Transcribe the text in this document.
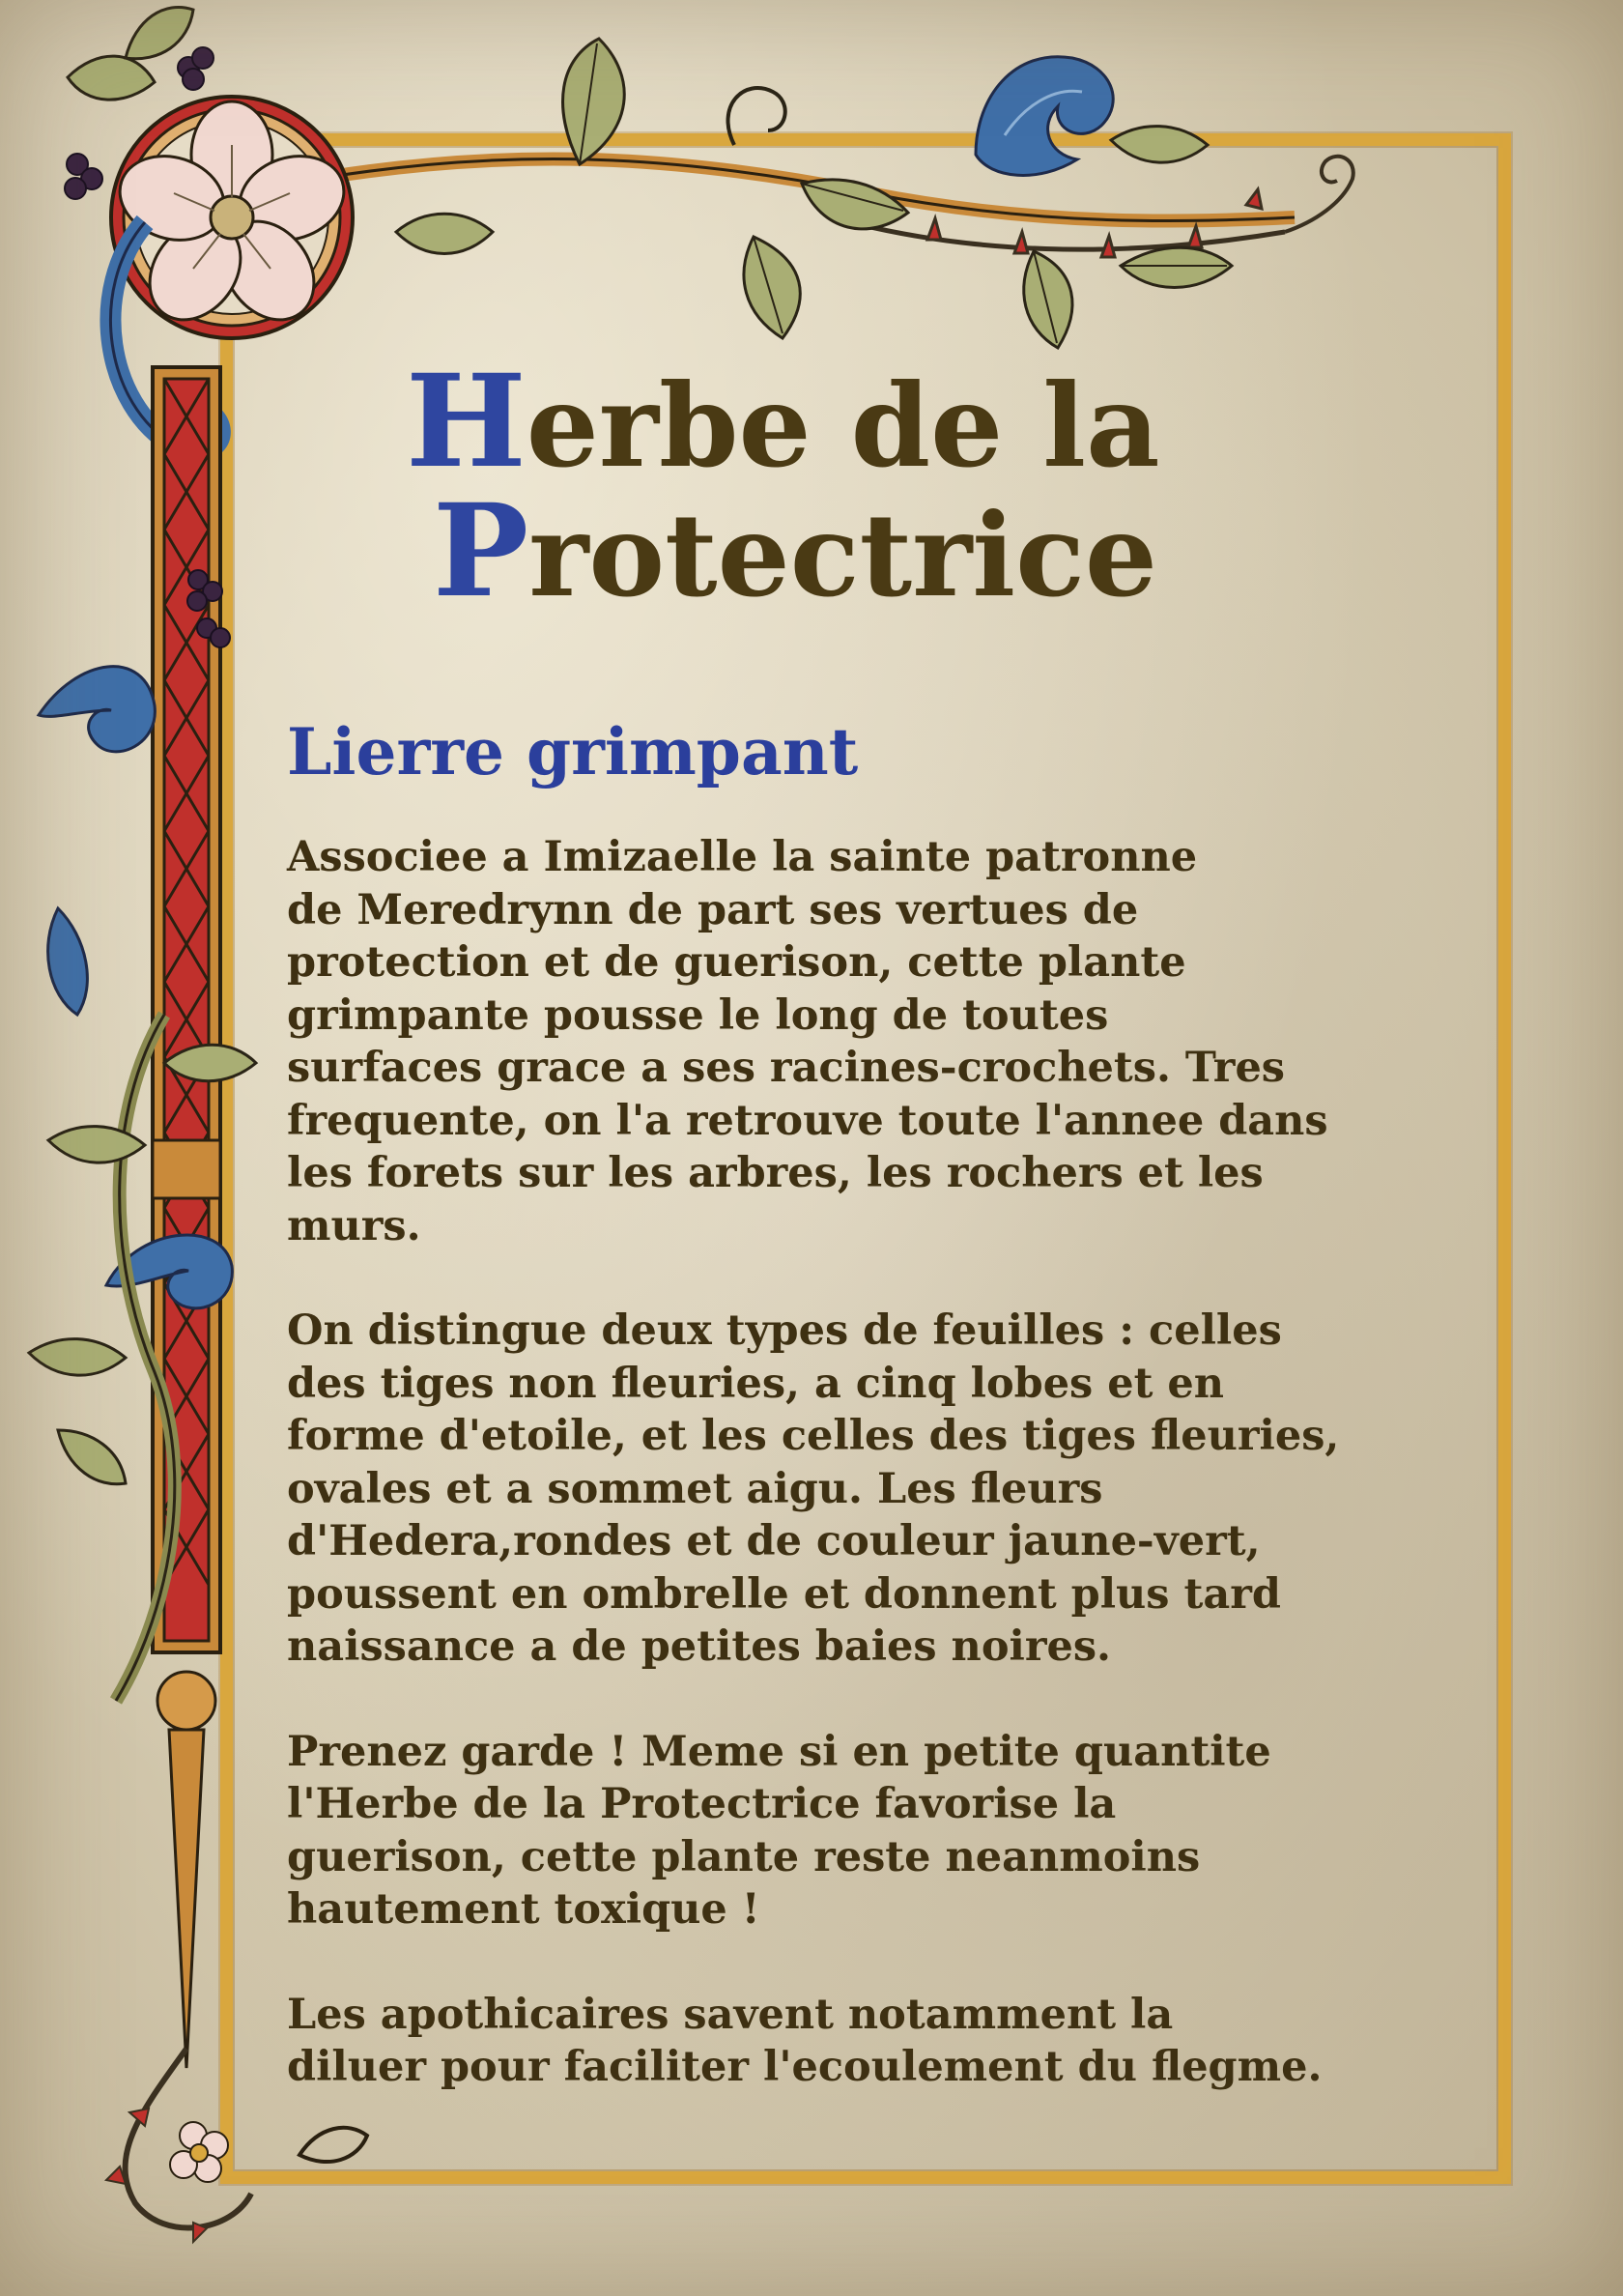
Herbe de la
Protectrice
Lierre grimpant

Associee a Imizaelle la sainte patronne
de Meredrynn de part ses vertues de
protection et de guerison, cette plante
grimpante pousse le long de toutes
surfaces grace a ses racines-crochets. Tres
frequente, on l'a retrouve toute l'annee dans
les forets sur les arbres, les rochers et les
murs.

On distingue deux types de feuilles : celles
des tiges non fleuries, a cinq lobes et en
forme d'etoile, et les celles des tiges fleuries,
ovales et a sommet aigu. Les fleurs
d'Hedera,rondes et de couleur jaune-vert,
poussent en ombrelle et donnent plus tard
naissance a de petites baies noires.

Prenez garde ! Meme si en petite quantite
l'Herbe de la Protectrice favorise la
guerison, cette plante reste neanmoins
hautement toxique !

Les apothicaires savent notamment la
diluer pour faciliter l'ecoulement du flegme.
